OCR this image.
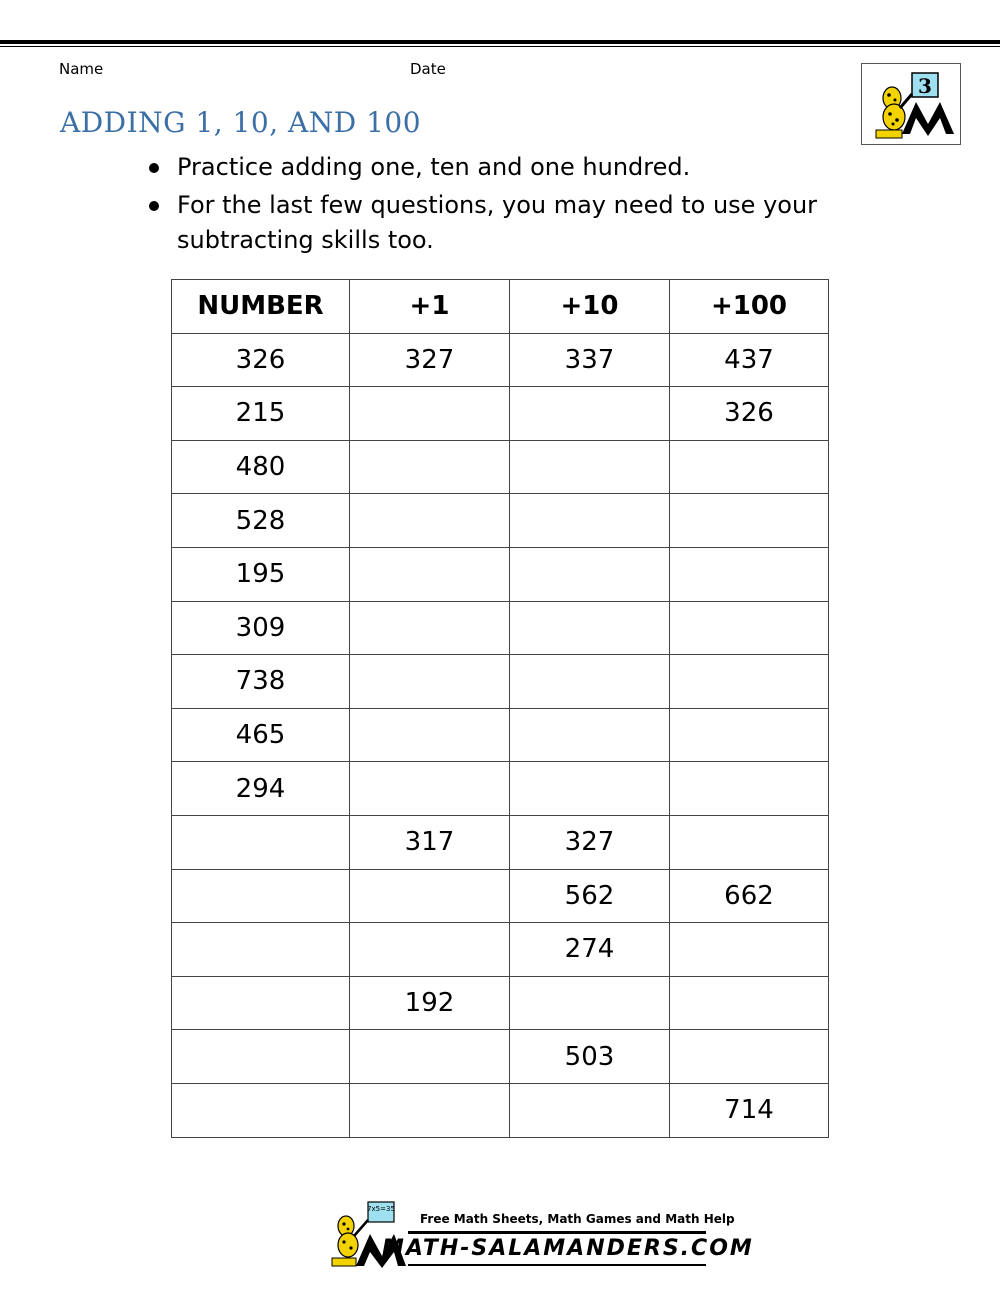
Name	Date
ADDING 1, 10, AND 100
3
Practice adding one, ten and one hundred.
For the last few questions, you may need to use your subtracting skills too.
NUMBER	+1	+10	+100
326	327	337	437
215			326
480			
528			
195			
309			
738			
465			
294			
	317	327	
		562	662
		274	
	192		
		503	
			714
7x5=35
Free Math Sheets, Math Games and Math Help
MATH-SALAMANDERS.COM
